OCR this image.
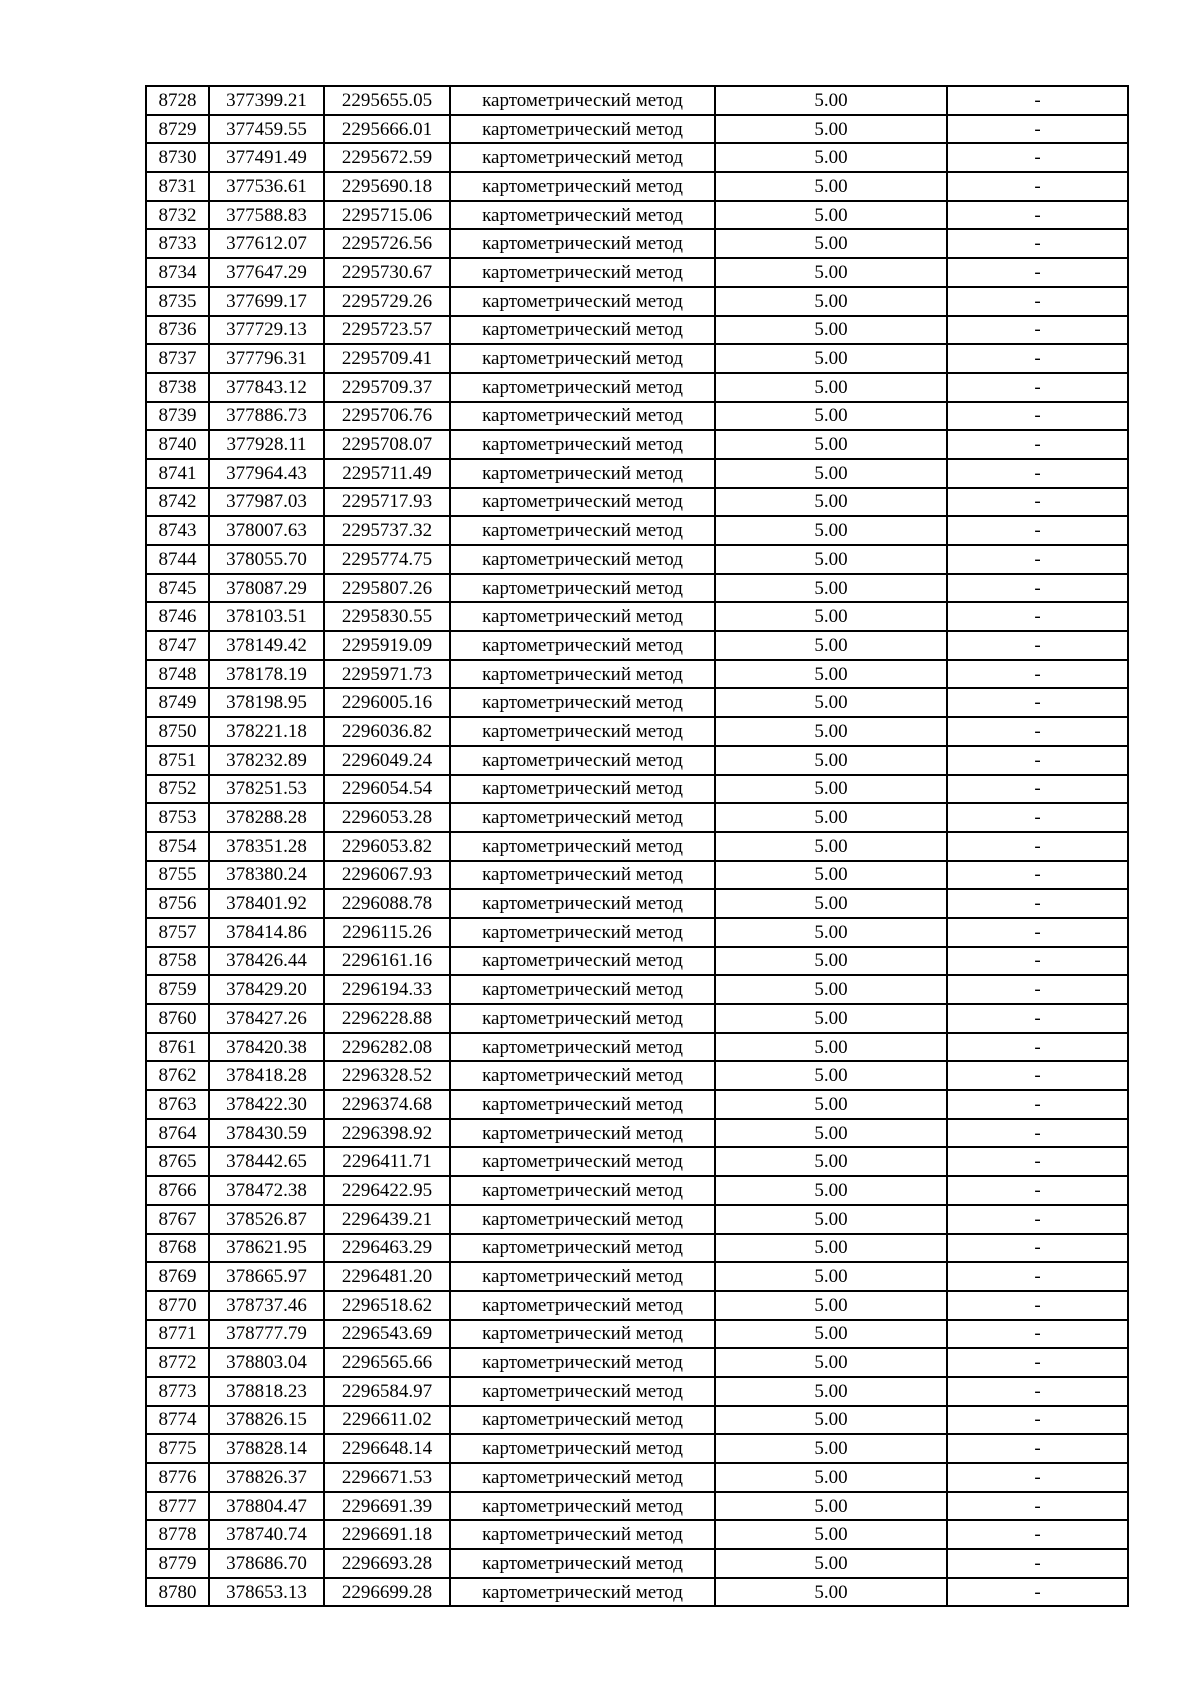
8728	377399.21	2295655.05	картометрический метод	5.00	-
8729	377459.55	2295666.01	картометрический метод	5.00	-
8730	377491.49	2295672.59	картометрический метод	5.00	-
8731	377536.61	2295690.18	картометрический метод	5.00	-
8732	377588.83	2295715.06	картометрический метод	5.00	-
8733	377612.07	2295726.56	картометрический метод	5.00	-
8734	377647.29	2295730.67	картометрический метод	5.00	-
8735	377699.17	2295729.26	картометрический метод	5.00	-
8736	377729.13	2295723.57	картометрический метод	5.00	-
8737	377796.31	2295709.41	картометрический метод	5.00	-
8738	377843.12	2295709.37	картометрический метод	5.00	-
8739	377886.73	2295706.76	картометрический метод	5.00	-
8740	377928.11	2295708.07	картометрический метод	5.00	-
8741	377964.43	2295711.49	картометрический метод	5.00	-
8742	377987.03	2295717.93	картометрический метод	5.00	-
8743	378007.63	2295737.32	картометрический метод	5.00	-
8744	378055.70	2295774.75	картометрический метод	5.00	-
8745	378087.29	2295807.26	картометрический метод	5.00	-
8746	378103.51	2295830.55	картометрический метод	5.00	-
8747	378149.42	2295919.09	картометрический метод	5.00	-
8748	378178.19	2295971.73	картометрический метод	5.00	-
8749	378198.95	2296005.16	картометрический метод	5.00	-
8750	378221.18	2296036.82	картометрический метод	5.00	-
8751	378232.89	2296049.24	картометрический метод	5.00	-
8752	378251.53	2296054.54	картометрический метод	5.00	-
8753	378288.28	2296053.28	картометрический метод	5.00	-
8754	378351.28	2296053.82	картометрический метод	5.00	-
8755	378380.24	2296067.93	картометрический метод	5.00	-
8756	378401.92	2296088.78	картометрический метод	5.00	-
8757	378414.86	2296115.26	картометрический метод	5.00	-
8758	378426.44	2296161.16	картометрический метод	5.00	-
8759	378429.20	2296194.33	картометрический метод	5.00	-
8760	378427.26	2296228.88	картометрический метод	5.00	-
8761	378420.38	2296282.08	картометрический метод	5.00	-
8762	378418.28	2296328.52	картометрический метод	5.00	-
8763	378422.30	2296374.68	картометрический метод	5.00	-
8764	378430.59	2296398.92	картометрический метод	5.00	-
8765	378442.65	2296411.71	картометрический метод	5.00	-
8766	378472.38	2296422.95	картометрический метод	5.00	-
8767	378526.87	2296439.21	картометрический метод	5.00	-
8768	378621.95	2296463.29	картометрический метод	5.00	-
8769	378665.97	2296481.20	картометрический метод	5.00	-
8770	378737.46	2296518.62	картометрический метод	5.00	-
8771	378777.79	2296543.69	картометрический метод	5.00	-
8772	378803.04	2296565.66	картометрический метод	5.00	-
8773	378818.23	2296584.97	картометрический метод	5.00	-
8774	378826.15	2296611.02	картометрический метод	5.00	-
8775	378828.14	2296648.14	картометрический метод	5.00	-
8776	378826.37	2296671.53	картометрический метод	5.00	-
8777	378804.47	2296691.39	картометрический метод	5.00	-
8778	378740.74	2296691.18	картометрический метод	5.00	-
8779	378686.70	2296693.28	картометрический метод	5.00	-
8780	378653.13	2296699.28	картометрический метод	5.00	-
